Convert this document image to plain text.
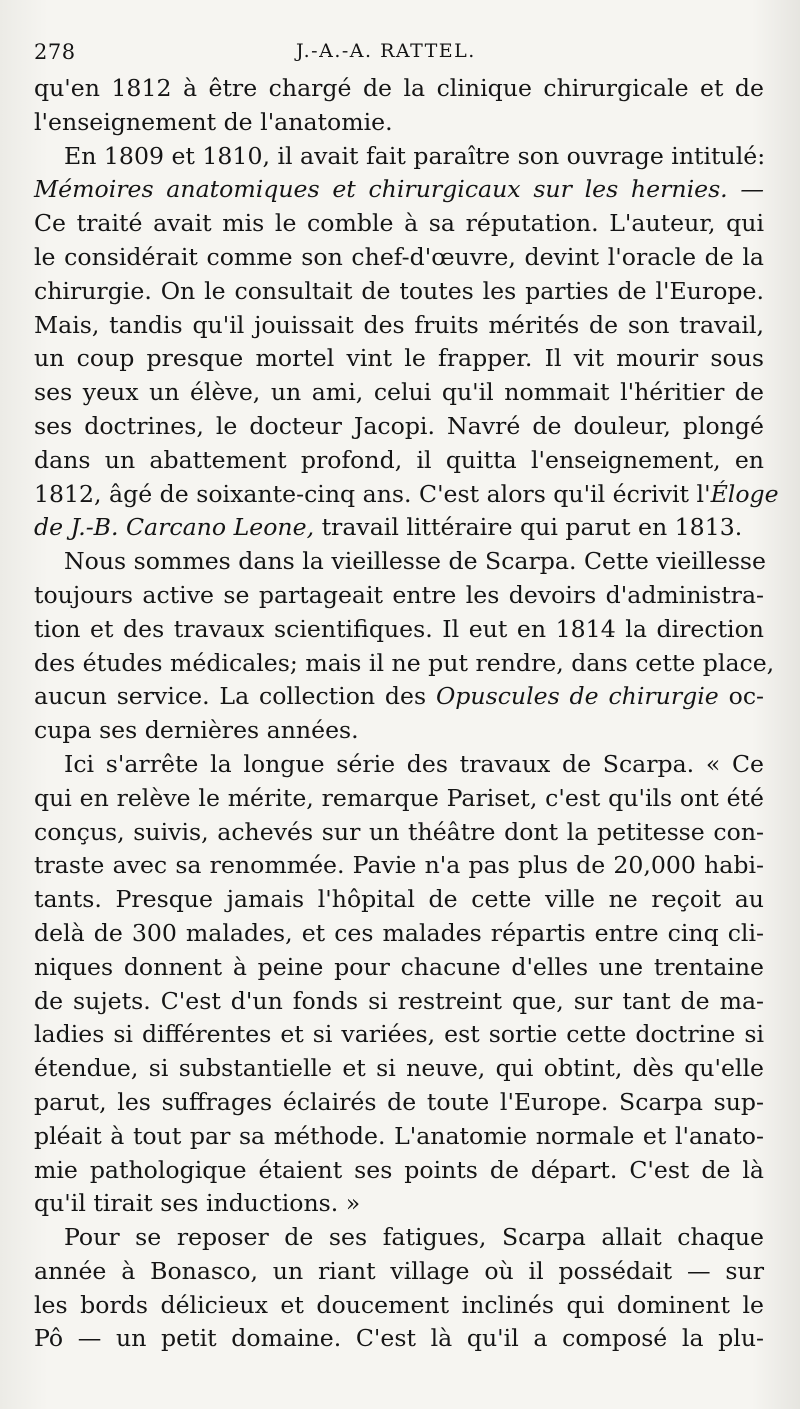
278	J.-A.-A. RATTEL.

qu'en 1812 à être chargé de la clinique chirurgicale et de
l'enseignement de l'anatomie.

En 1809 et 1810, il avait fait paraître son ouvrage intitulé:
Mémoires anatomiques et chirurgicaux sur les hernies. —
Ce traité avait mis le comble à sa réputation. L'auteur, qui
le considérait comme son chef-d'œuvre, devint l'oracle de la
chirurgie. On le consultait de toutes les parties de l'Europe.
Mais, tandis qu'il jouissait des fruits mérités de son travail,
un coup presque mortel vint le frapper. Il vit mourir sous
ses yeux un élève, un ami, celui qu'il nommait l'héritier de
ses doctrines, le docteur Jacopi. Navré de douleur, plongé
dans un abattement profond, il quitta l'enseignement, en
1812, âgé de soixante-cinq ans. C'est alors qu'il écrivit l'Éloge
de J.-B. Carcano Leone, travail littéraire qui parut en 1813.

Nous sommes dans la vieillesse de Scarpa. Cette vieillesse
toujours active se partageait entre les devoirs d'administra-
tion et des travaux scientifiques. Il eut en 1814 la direction
des études médicales; mais il ne put rendre, dans cette place,
aucun service. La collection des Opuscules de chirurgie oc-
cupa ses dernières années.

Ici s'arrête la longue série des travaux de Scarpa. « Ce
qui en relève le mérite, remarque Pariset, c'est qu'ils ont été
conçus, suivis, achevés sur un théâtre dont la petitesse con-
traste avec sa renommée. Pavie n'a pas plus de 20,000 habi-
tants. Presque jamais l'hôpital de cette ville ne reçoit au
delà de 300 malades, et ces malades répartis entre cinq cli-
niques donnent à peine pour chacune d'elles une trentaine
de sujets. C'est d'un fonds si restreint que, sur tant de ma-
ladies si différentes et si variées, est sortie cette doctrine si
étendue, si substantielle et si neuve, qui obtint, dès qu'elle
parut, les suffrages éclairés de toute l'Europe. Scarpa sup-
pléait à tout par sa méthode. L'anatomie normale et l'anato-
mie pathologique étaient ses points de départ. C'est de là
qu'il tirait ses inductions. »

Pour se reposer de ses fatigues, Scarpa allait chaque
année à Bonasco, un riant village où il possédait — sur
les bords délicieux et doucement inclinés qui dominent le
Pô — un petit domaine. C'est là qu'il a composé la plu-
